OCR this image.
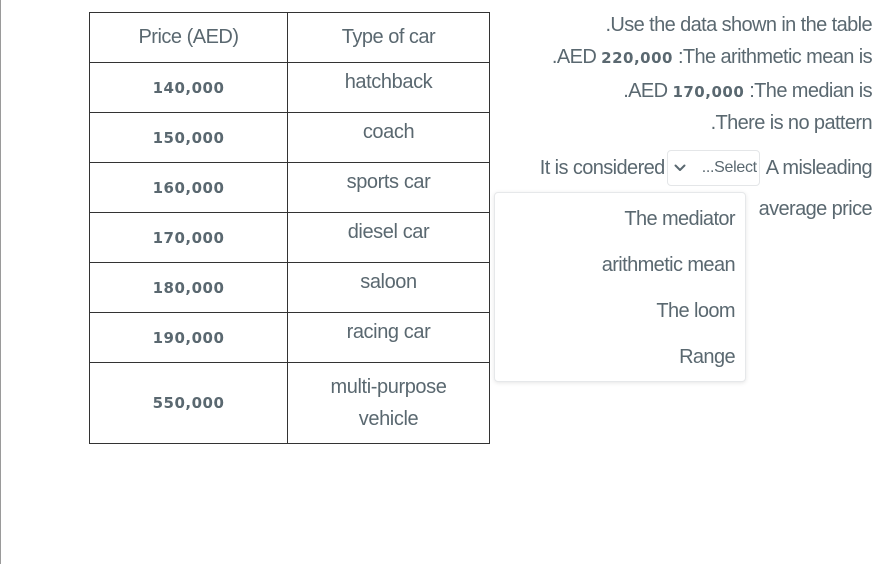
Price (AED)	Type of car
140,000	hatchback
150,000	coach
160,000	sports car
170,000	diesel car
180,000	saloon
190,000	racing car
550,000	multi-purpose
vehicle
.Use the data shown in the table
.AED 220,000 :The arithmetic mean is
.AED 170,000 :The median is
.There is no pattern
It is considered ...Select A misleading
average price
The mediator
arithmetic mean
The loom
Range
